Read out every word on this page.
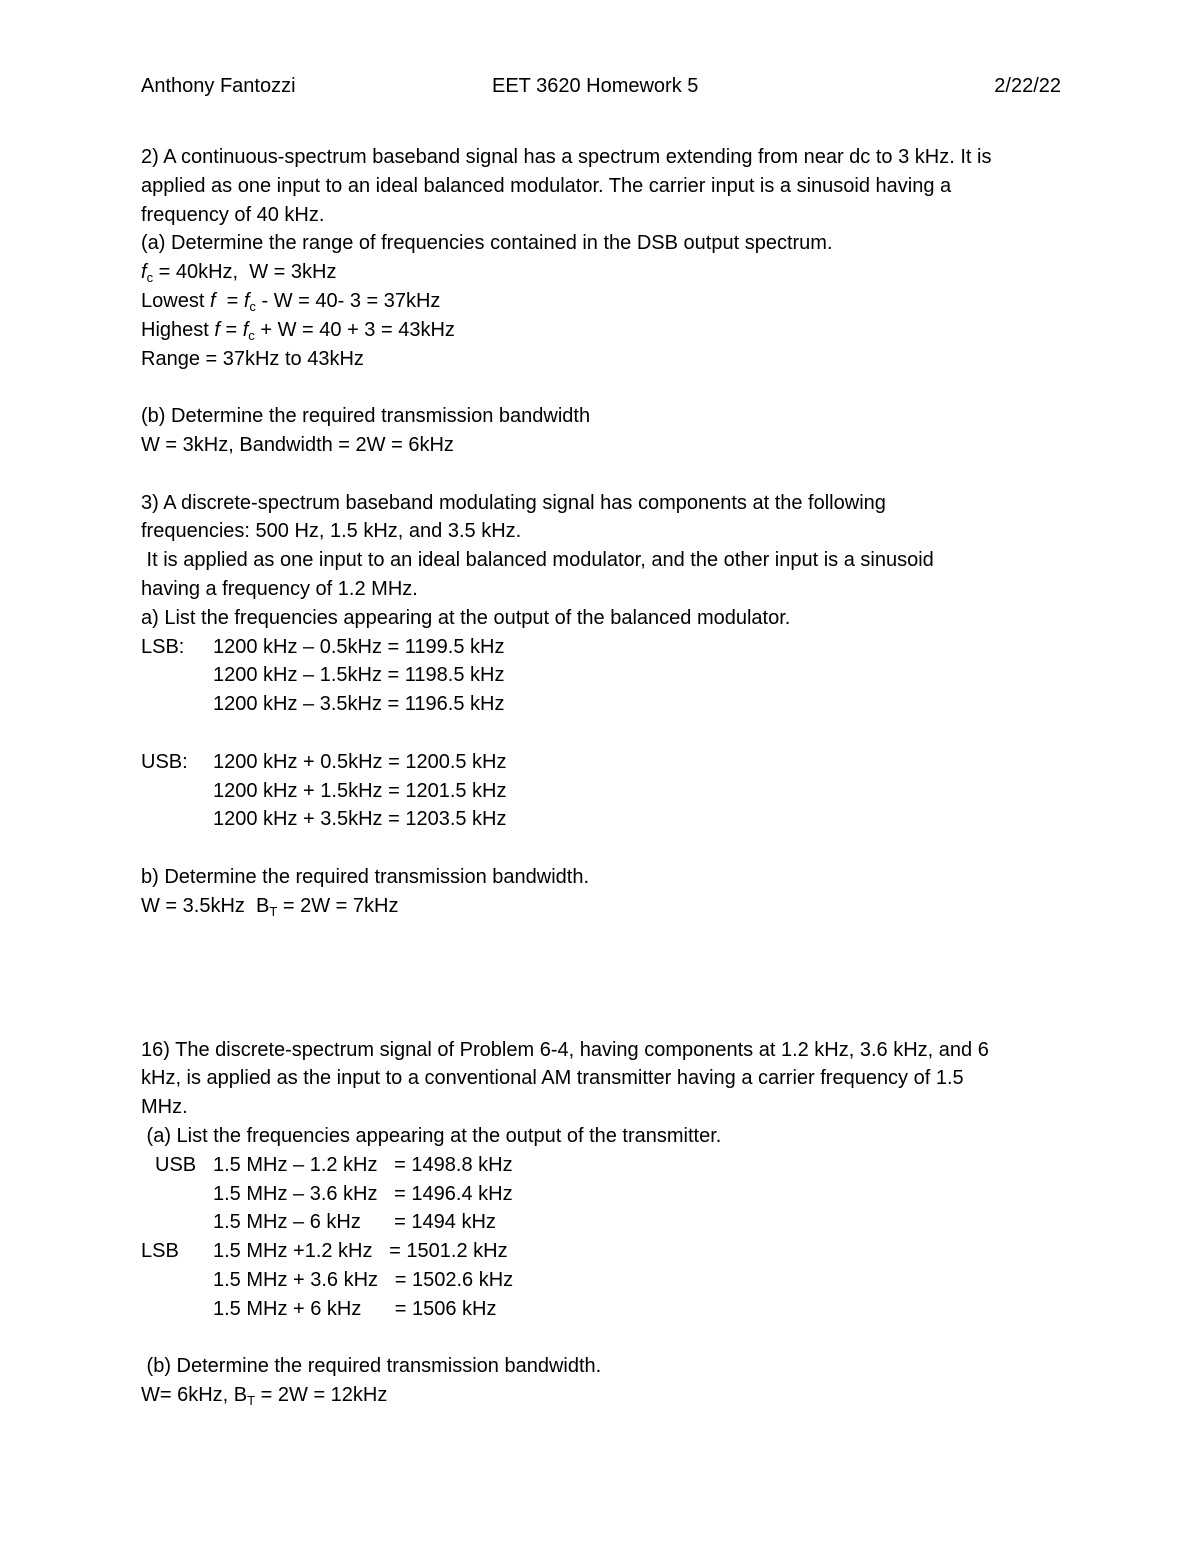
Anthony Fantozzi	EET 3620 Homework 5	2/22/22
2) A continuous-spectrum baseband signal has a spectrum extending from near dc to 3 kHz. It is
applied as one input to an ideal balanced modulator. The carrier input is a sinusoid having a
frequency of 40 kHz.
(a) Determine the range of frequencies contained in the DSB output spectrum.
$f_c = 40kHz$,  W = 3kHz
Lowest $f = f_c - W = 40-$ 3 = 37kHz
Highest $f = f_c + W = 40 + 3 = 43kHz$
Range = 37kHz to 43kHz
(b) Determine the required transmission bandwidth
W = 3kHz, Bandwidth = 2W = 6kHz
3) A discrete-spectrum baseband modulating signal has components at the following
frequencies: 500 Hz, 1.5 kHz, and 3.5 kHz.
It is applied as one input to an ideal balanced modulator, and the other input is a sinusoid
having a frequency of 1.2 MHz.
a) List the frequencies appearing at the output of the balanced modulator.
LSB: 1200 kHz – 0.5kHz = 1199.5 kHz
1200 kHz – 1.5kHz = 1198.5 kHz
1200 kHz – 3.5kHz = 1196.5 kHz
USB: 1200 kHz + 0.5kHz = 1200.5 kHz
1200 kHz + 1.5kHz = 1201.5 kHz
1200 kHz + 3.5kHz = 1203.5 kHz
b) Determine the required transmission bandwidth.
W = 3.5kHz  $B_T = 2W = 7kHz$
16) The discrete-spectrum signal of Problem 6-4, having components at 1.2 kHz, 3.6 kHz, and 6
kHz, is applied as the input to a conventional AM transmitter having a carrier frequency of 1.5
MHz.
(a) List the frequencies appearing at the output of the transmitter.
USB 1.5 MHz – 1.2 kHz   = 1498.8 kHz
1.5 MHz – 3.6 kHz   = 1496.4 kHz
1.5 MHz – 6 kHz      = 1494 kHz
LSB 1.5 MHz +1.2 kHz   = 1501.2 kHz
1.5 MHz + 3.6 kHz   = 1502.6 kHz
1.5 MHz + 6 kHz      = 1506 kHz
(b) Determine the required transmission bandwidth.
W= 6kHz, $B_T = 2W = 12kHz$
